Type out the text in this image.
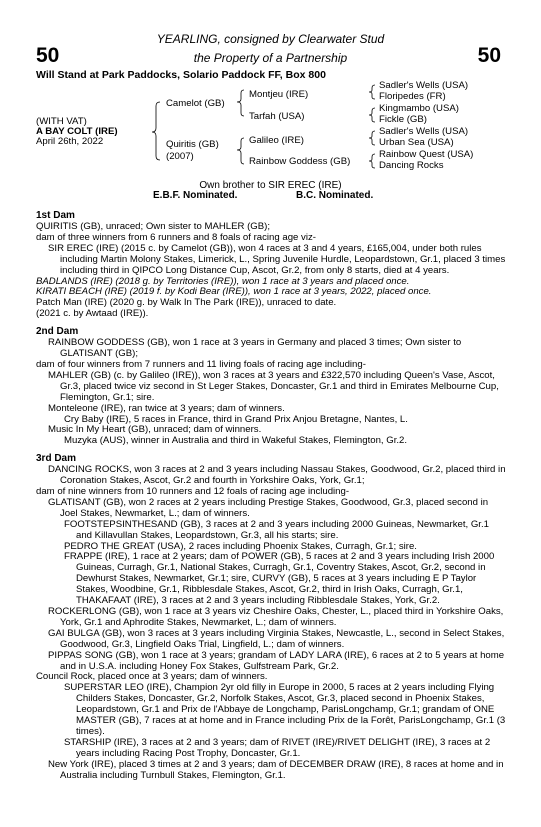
YEARLING, consigned by Clearwater Stud
50	the Property of a Partnership	50
Will Stand at Park Paddocks, Solario Paddock FF, Box 800
(WITH VAT)
A BAY COLT (IRE)
April 26th, 2022
Camelot (GB)
Quiritis (GB)
(2007)
Montjeu (IRE)
Tarfah (USA)
Galileo (IRE)
Rainbow Goddess (GB)
Sadler's Wells (USA)
Floripedes (FR)
Kingmambo (USA)
Fickle (GB)
Sadler's Wells (USA)
Urban Sea (USA)
Rainbow Quest (USA)
Dancing Rocks
Own brother to SIR EREC (IRE)
E.B.F. Nominated.	B.C. Nominated.
1st Dam

QUIRITIS (GB), unraced; Own sister to MAHLER (GB);

dam of three winners from 6 runners and 8 foals of racing age viz-

SIR EREC (IRE) (2015 c. by Camelot (GB)), won 4 races at 3 and 4 years, £165,004, under both rules including Martin Molony Stakes, Limerick, L., Spring Juvenile Hurdle, Leopardstown, Gr.1, placed 3 times including third in QIPCO Long Distance Cup, Ascot, Gr.2, from only 8 starts, died at 4 years.

BADLANDS (IRE) (2018 g. by Territories (IRE)), won 1 race at 3 years and placed once.

KIRATI BEACH (IRE) (2019 f. by Kodi Bear (IRE)), won 1 race at 3 years, 2022, placed once.

Patch Man (IRE) (2020 g. by Walk In The Park (IRE)), unraced to date.

(2021 c. by Awtaad (IRE)).

2nd Dam

RAINBOW GODDESS (GB), won 1 race at 3 years in Germany and placed 3 times; Own sister to GLATISANT (GB);

dam of four winners from 7 runners and 11 living foals of racing age including-

MAHLER (GB) (c. by Galileo (IRE)), won 3 races at 3 years and £322,570 including Queen's Vase, Ascot, Gr.3, placed twice viz second in St Leger Stakes, Doncaster, Gr.1 and third in Emirates Melbourne Cup, Flemington, Gr.1; sire.

Monteleone (IRE), ran twice at 3 years; dam of winners.

Cry Baby (IRE), 5 races in France, third in Grand Prix Anjou Bretagne, Nantes, L.

Music In My Heart (GB), unraced; dam of winners.

Muzyka (AUS), winner in Australia and third in Wakeful Stakes, Flemington, Gr.2.

3rd Dam

DANCING ROCKS, won 3 races at 2 and 3 years including Nassau Stakes, Goodwood, Gr.2, placed third in Coronation Stakes, Ascot, Gr.2 and fourth in Yorkshire Oaks, York, Gr.1;

dam of nine winners from 10 runners and 12 foals of racing age including-

GLATISANT (GB), won 2 races at 2 years including Prestige Stakes, Goodwood, Gr.3, placed second in Joel Stakes, Newmarket, L.; dam of winners.

FOOTSTEPSINTHESAND (GB), 3 races at 2 and 3 years including 2000 Guineas, Newmarket, Gr.1 and Killavullan Stakes, Leopardstown, Gr.3, all his starts; sire.

PEDRO THE GREAT (USA), 2 races including Phoenix Stakes, Curragh, Gr.1; sire.

FRAPPE (IRE), 1 race at 2 years; dam of POWER (GB), 5 races at 2 and 3 years including Irish 2000 Guineas, Curragh, Gr.1, National Stakes, Curragh, Gr.1, Coventry Stakes, Ascot, Gr.2, second in Dewhurst Stakes, Newmarket, Gr.1; sire, CURVY (GB), 5 races at 3 years including E P Taylor Stakes, Woodbine, Gr.1, Ribblesdale Stakes, Ascot, Gr.2, third in Irish Oaks, Curragh, Gr.1, THAKAFAAT (IRE), 3 races at 2 and 3 years including Ribblesdale Stakes, York, Gr.2.

ROCKERLONG (GB), won 1 race at 3 years viz Cheshire Oaks, Chester, L., placed third in Yorkshire Oaks, York, Gr.1 and Aphrodite Stakes, Newmarket, L.; dam of winners.

GAI BULGA (GB), won 3 races at 3 years including Virginia Stakes, Newcastle, L., second in Select Stakes, Goodwood, Gr.3, Lingfield Oaks Trial, Lingfield, L.; dam of winners.

PIPPAS SONG (GB), won 1 race at 3 years; grandam of LADY LARA (IRE), 6 races at 2 to 5 years at home and in U.S.A. including Honey Fox Stakes, Gulfstream Park, Gr.2.

Council Rock, placed once at 3 years; dam of winners.

SUPERSTAR LEO (IRE), Champion 2yr old filly in Europe in 2000, 5 races at 2 years including Flying Childers Stakes, Doncaster, Gr.2, Norfolk Stakes, Ascot, Gr.3, placed second in Phoenix Stakes, Leopardstown, Gr.1 and Prix de l'Abbaye de Longchamp, ParisLongchamp, Gr.1; grandam of ONE MASTER (GB), 7 races at at home and in France including Prix de la Forêt, ParisLongchamp, Gr.1 (3 times).

STARSHIP (IRE), 3 races at 2 and 3 years; dam of RIVET (IRE)/RIVET DELIGHT (IRE), 3 races at 2 years including Racing Post Trophy, Doncaster, Gr.1.

New York (IRE), placed 3 times at 2 and 3 years; dam of DECEMBER DRAW (IRE), 8 races at home and in Australia including Turnbull Stakes, Flemington, Gr.1.
